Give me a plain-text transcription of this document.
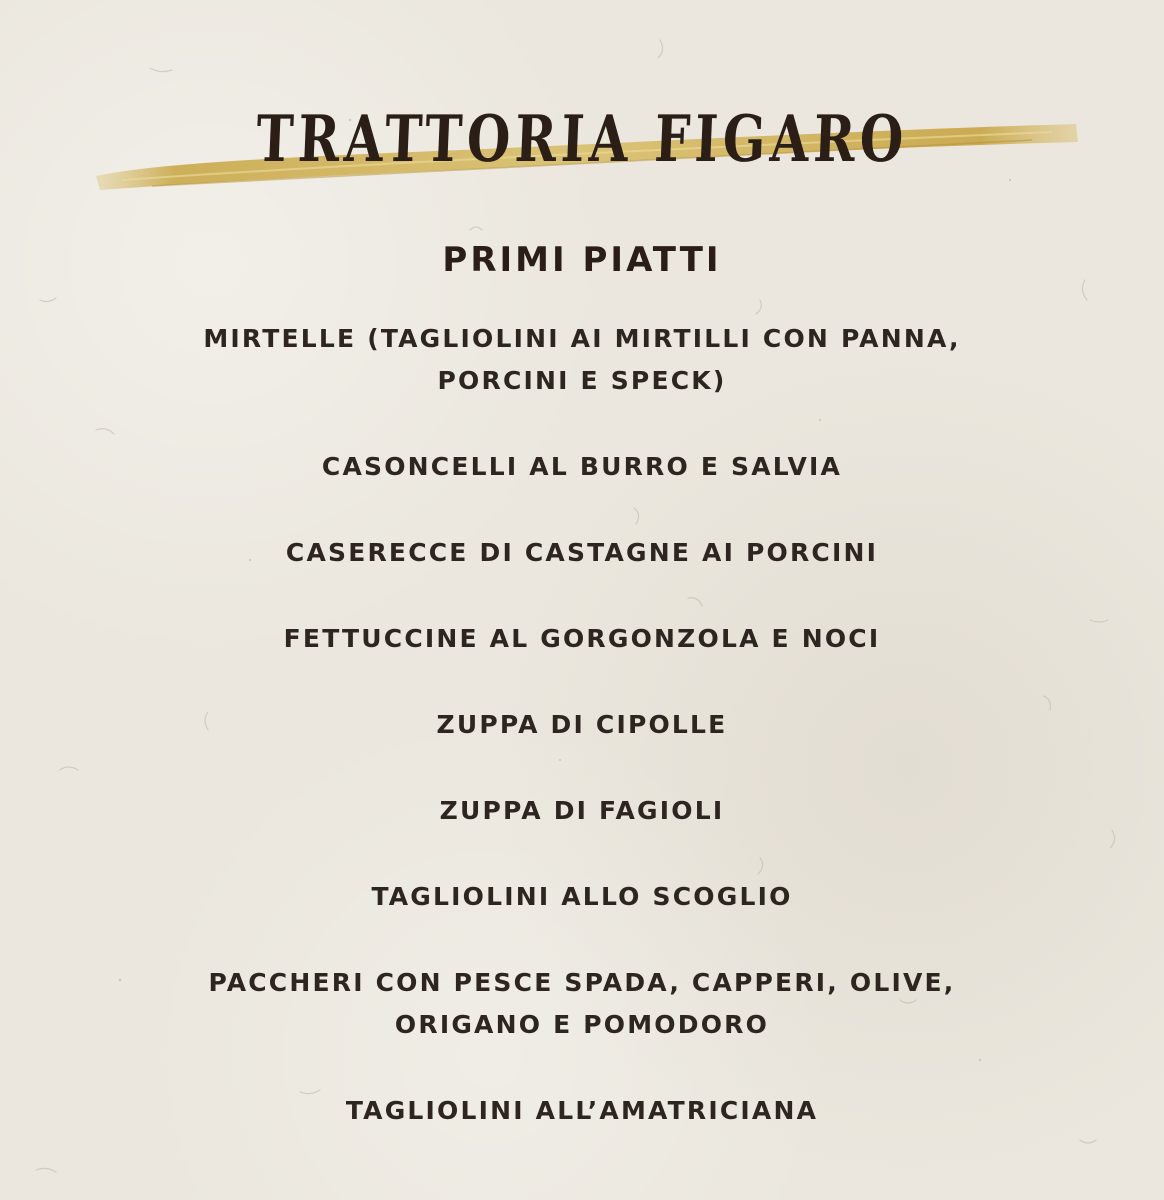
TRATTORIA FIGARO
PRIMI PIATTI
MIRTELLE (TAGLIOLINI AI MIRTILLI CON PANNA,
PORCINI E SPECK)
CASONCELLI AL BURRO E SALVIA
CASERECCE DI CASTAGNE AI PORCINI
FETTUCCINE AL GORGONZOLA E NOCI
ZUPPA DI CIPOLLE
ZUPPA DI FAGIOLI
TAGLIOLINI ALLO SCOGLIO
PACCHERI CON PESCE SPADA, CAPPERI, OLIVE,
ORIGANO E POMODORO
TAGLIOLINI ALL’AMATRICIANA
